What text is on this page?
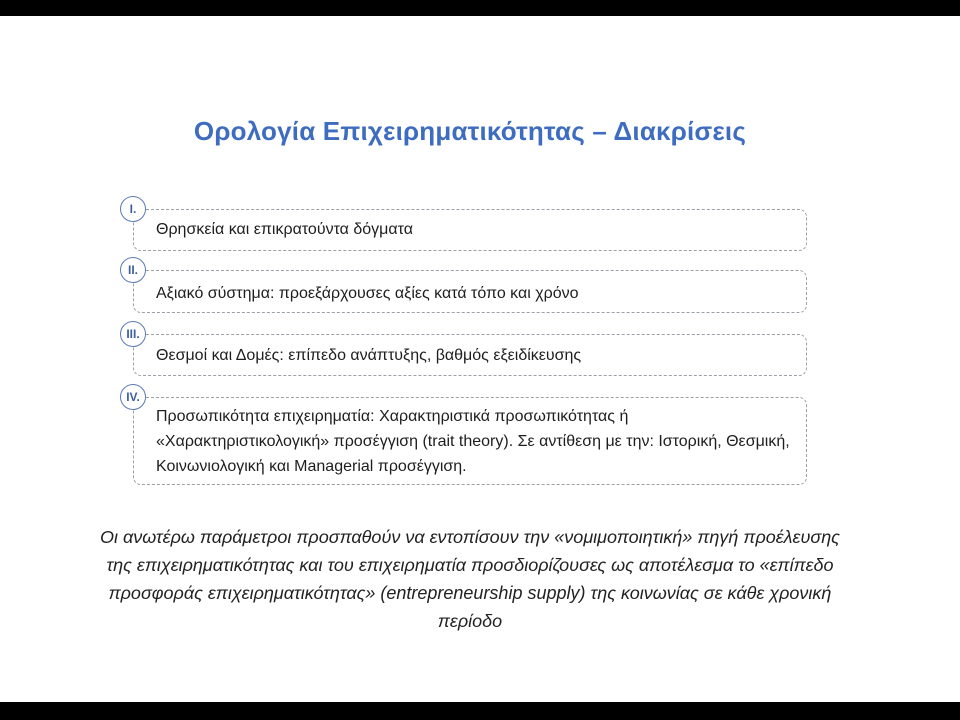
Ορολογία Επιχειρηματικότητας – Διακρίσεις
I.
Θρησκεία και επικρατούντα δόγματα
II.
Αξιακό σύστημα: προεξάρχουσες αξίες κατά τόπο και χρόνο
III.
Θεσμοί και Δομές: επίπεδο ανάπτυξης, βαθμός εξειδίκευσης
IV.
Προσωπικότητα επιχειρηματία: Χαρακτηριστικά προσωπικότητας ή «Χαρακτηριστικολογική» προσέγγιση (trait theory). Σε αντίθεση με την: Ιστορική, Θεσμική, Κοινωνιολογική και Managerial προσέγγιση.
Οι ανωτέρω παράμετροι προσπαθούν να εντοπίσουν την «νομιμοποιητική» πηγή προέλευσης της επιχειρηματικότητας και του επιχειρηματία προσδιορίζουσες ως αποτέλεσμα το «επίπεδο προσφοράς επιχειρηματικότητας» (entrepreneurship supply) της κοινωνίας σε κάθε χρονική περίοδο
